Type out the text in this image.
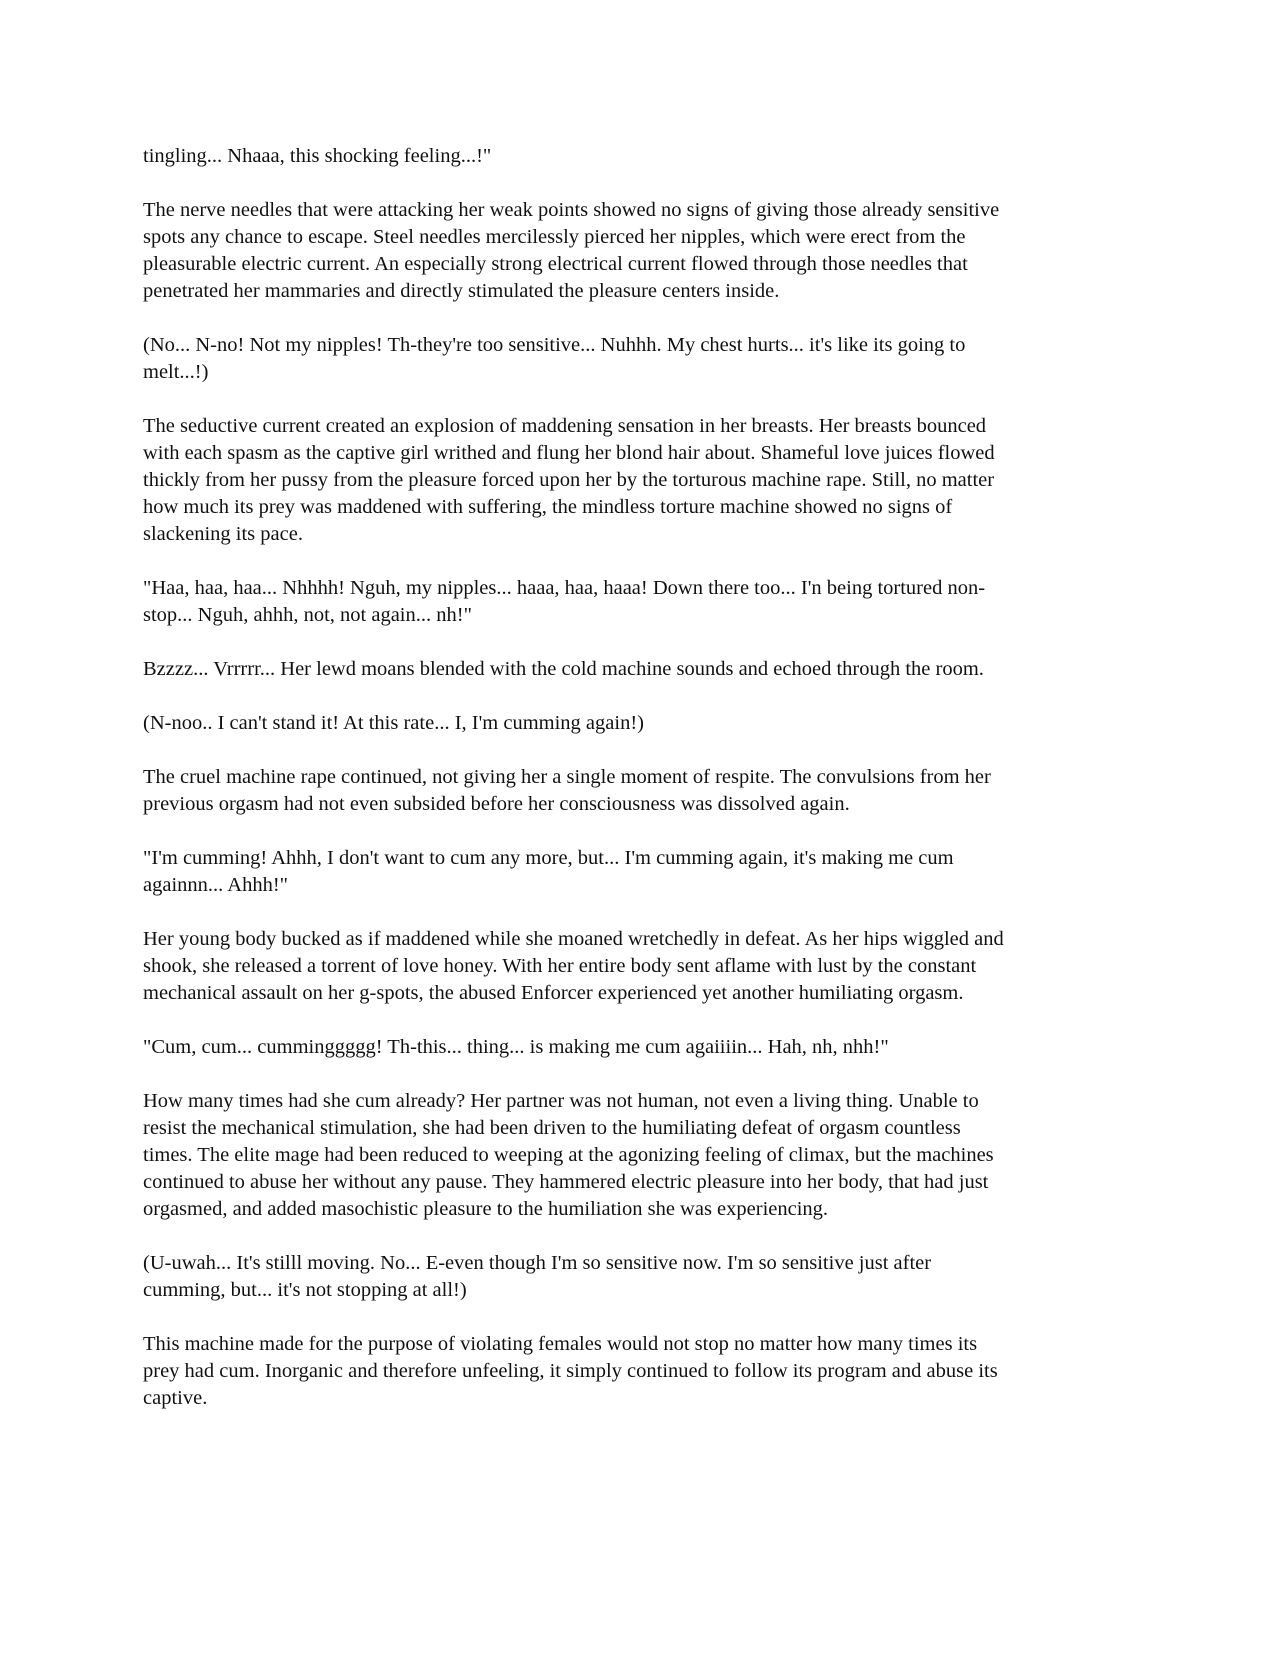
tingling... Nhaaa, this shocking feeling...!"

The nerve needles that were attacking her weak points showed no signs of giving those already sensitive
spots any chance to escape. Steel needles mercilessly pierced her nipples, which were erect from the
pleasurable electric current. An especially strong electrical current flowed through those needles that
penetrated her mammaries and directly stimulated the pleasure centers inside.

(No... N-no! Not my nipples! Th-they're too sensitive... Nuhhh. My chest hurts... it's like its going to
melt...!)

The seductive current created an explosion of maddening sensation in her breasts. Her breasts bounced
with each spasm as the captive girl writhed and flung her blond hair about. Shameful love juices flowed
thickly from her pussy from the pleasure forced upon her by the torturous machine rape. Still, no matter
how much its prey was maddened with suffering, the mindless torture machine showed no signs of
slackening its pace.

"Haa, haa, haa... Nhhhh! Nguh, my nipples... haaa, haa, haaa! Down there too... I'n being tortured non-
stop... Nguh, ahhh, not, not again... nh!"

Bzzzz... Vrrrrr... Her lewd moans blended with the cold machine sounds and echoed through the room.

(N-noo.. I can't stand it! At this rate... I, I'm cumming again!)

The cruel machine rape continued, not giving her a single moment of respite. The convulsions from her
previous orgasm had not even subsided before her consciousness was dissolved again.

"I'm cumming! Ahhh, I don't want to cum any more, but... I'm cumming again, it's making me cum
againnn... Ahhh!"

Her young body bucked as if maddened while she moaned wretchedly in defeat. As her hips wiggled and
shook, she released a torrent of love honey. With her entire body sent aflame with lust by the constant
mechanical assault on her g-spots, the abused Enforcer experienced yet another humiliating orgasm.

"Cum, cum... cumminggggg! Th-this... thing... is making me cum agaiiiin... Hah, nh, nhh!"

How many times had she cum already? Her partner was not human, not even a living thing. Unable to
resist the mechanical stimulation, she had been driven to the humiliating defeat of orgasm countless
times. The elite mage had been reduced to weeping at the agonizing feeling of climax, but the machines
continued to abuse her without any pause. They hammered electric pleasure into her body, that had just
orgasmed, and added masochistic pleasure to the humiliation she was experiencing.

(U-uwah... It's stilll moving. No... E-even though I'm so sensitive now. I'm so sensitive just after
cumming, but... it's not stopping at all!)

This machine made for the purpose of violating females would not stop no matter how many times its
prey had cum. Inorganic and therefore unfeeling, it simply continued to follow its program and abuse its
captive.
